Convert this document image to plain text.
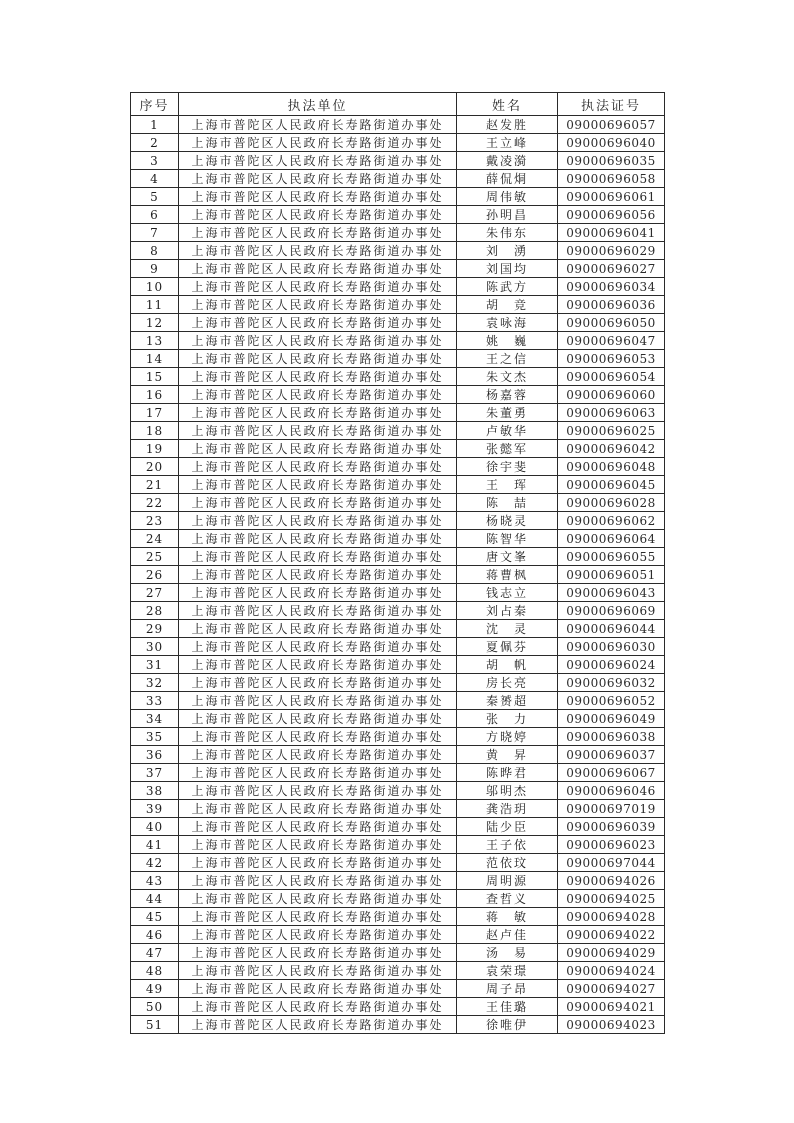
序号	执法单位	姓名	执法证号
1	上海市普陀区人民政府长寿路街道办事处	赵发胜	09000696057
2	上海市普陀区人民政府长寿路街道办事处	王立峰	09000696040
3	上海市普陀区人民政府长寿路街道办事处	戴凌漪	09000696035
4	上海市普陀区人民政府长寿路街道办事处	薛侃烔	09000696058
5	上海市普陀区人民政府长寿路街道办事处	周伟敏	09000696061
6	上海市普陀区人民政府长寿路街道办事处	孙明昌	09000696056
7	上海市普陀区人民政府长寿路街道办事处	朱伟东	09000696041
8	上海市普陀区人民政府长寿路街道办事处	刘　湧	09000696029
9	上海市普陀区人民政府长寿路街道办事处	刘国均	09000696027
10	上海市普陀区人民政府长寿路街道办事处	陈武方	09000696034
11	上海市普陀区人民政府长寿路街道办事处	胡　竞	09000696036
12	上海市普陀区人民政府长寿路街道办事处	袁咏海	09000696050
13	上海市普陀区人民政府长寿路街道办事处	姚　巍	09000696047
14	上海市普陀区人民政府长寿路街道办事处	王之信	09000696053
15	上海市普陀区人民政府长寿路街道办事处	朱文杰	09000696054
16	上海市普陀区人民政府长寿路街道办事处	杨嘉蓉	09000696060
17	上海市普陀区人民政府长寿路街道办事处	朱董勇	09000696063
18	上海市普陀区人民政府长寿路街道办事处	卢敏华	09000696025
19	上海市普陀区人民政府长寿路街道办事处	张懿军	09000696042
20	上海市普陀区人民政府长寿路街道办事处	徐宇斐	09000696048
21	上海市普陀区人民政府长寿路街道办事处	王　珲	09000696045
22	上海市普陀区人民政府长寿路街道办事处	陈　喆	09000696028
23	上海市普陀区人民政府长寿路街道办事处	杨晓灵	09000696062
24	上海市普陀区人民政府长寿路街道办事处	陈智华	09000696064
25	上海市普陀区人民政府长寿路街道办事处	唐文峯	09000696055
26	上海市普陀区人民政府长寿路街道办事处	蒋曹枫	09000696051
27	上海市普陀区人民政府长寿路街道办事处	钱志立	09000696043
28	上海市普陀区人民政府长寿路街道办事处	刘占秦	09000696069
29	上海市普陀区人民政府长寿路街道办事处	沈　灵	09000696044
30	上海市普陀区人民政府长寿路街道办事处	夏佩芬	09000696030
31	上海市普陀区人民政府长寿路街道办事处	胡　帆	09000696024
32	上海市普陀区人民政府长寿路街道办事处	房长亮	09000696032
33	上海市普陀区人民政府长寿路街道办事处	秦赟超	09000696052
34	上海市普陀区人民政府长寿路街道办事处	张　力	09000696049
35	上海市普陀区人民政府长寿路街道办事处	方晓婷	09000696038
36	上海市普陀区人民政府长寿路街道办事处	黄　昇	09000696037
37	上海市普陀区人民政府长寿路街道办事处	陈晔君	09000696067
38	上海市普陀区人民政府长寿路街道办事处	邬明杰	09000696046
39	上海市普陀区人民政府长寿路街道办事处	龚浩玥	09000697019
40	上海市普陀区人民政府长寿路街道办事处	陆少臣	09000696039
41	上海市普陀区人民政府长寿路街道办事处	王子依	09000696023
42	上海市普陀区人民政府长寿路街道办事处	范依玟	09000697044
43	上海市普陀区人民政府长寿路街道办事处	周明源	09000694026
44	上海市普陀区人民政府长寿路街道办事处	查哲义	09000694025
45	上海市普陀区人民政府长寿路街道办事处	蒋　敏	09000694028
46	上海市普陀区人民政府长寿路街道办事处	赵卢佳	09000694022
47	上海市普陀区人民政府长寿路街道办事处	汤　易	09000694029
48	上海市普陀区人民政府长寿路街道办事处	袁荣璟	09000694024
49	上海市普陀区人民政府长寿路街道办事处	周子昂	09000694027
50	上海市普陀区人民政府长寿路街道办事处	王佳璐	09000694021
51	上海市普陀区人民政府长寿路街道办事处	徐唯伊	09000694023
